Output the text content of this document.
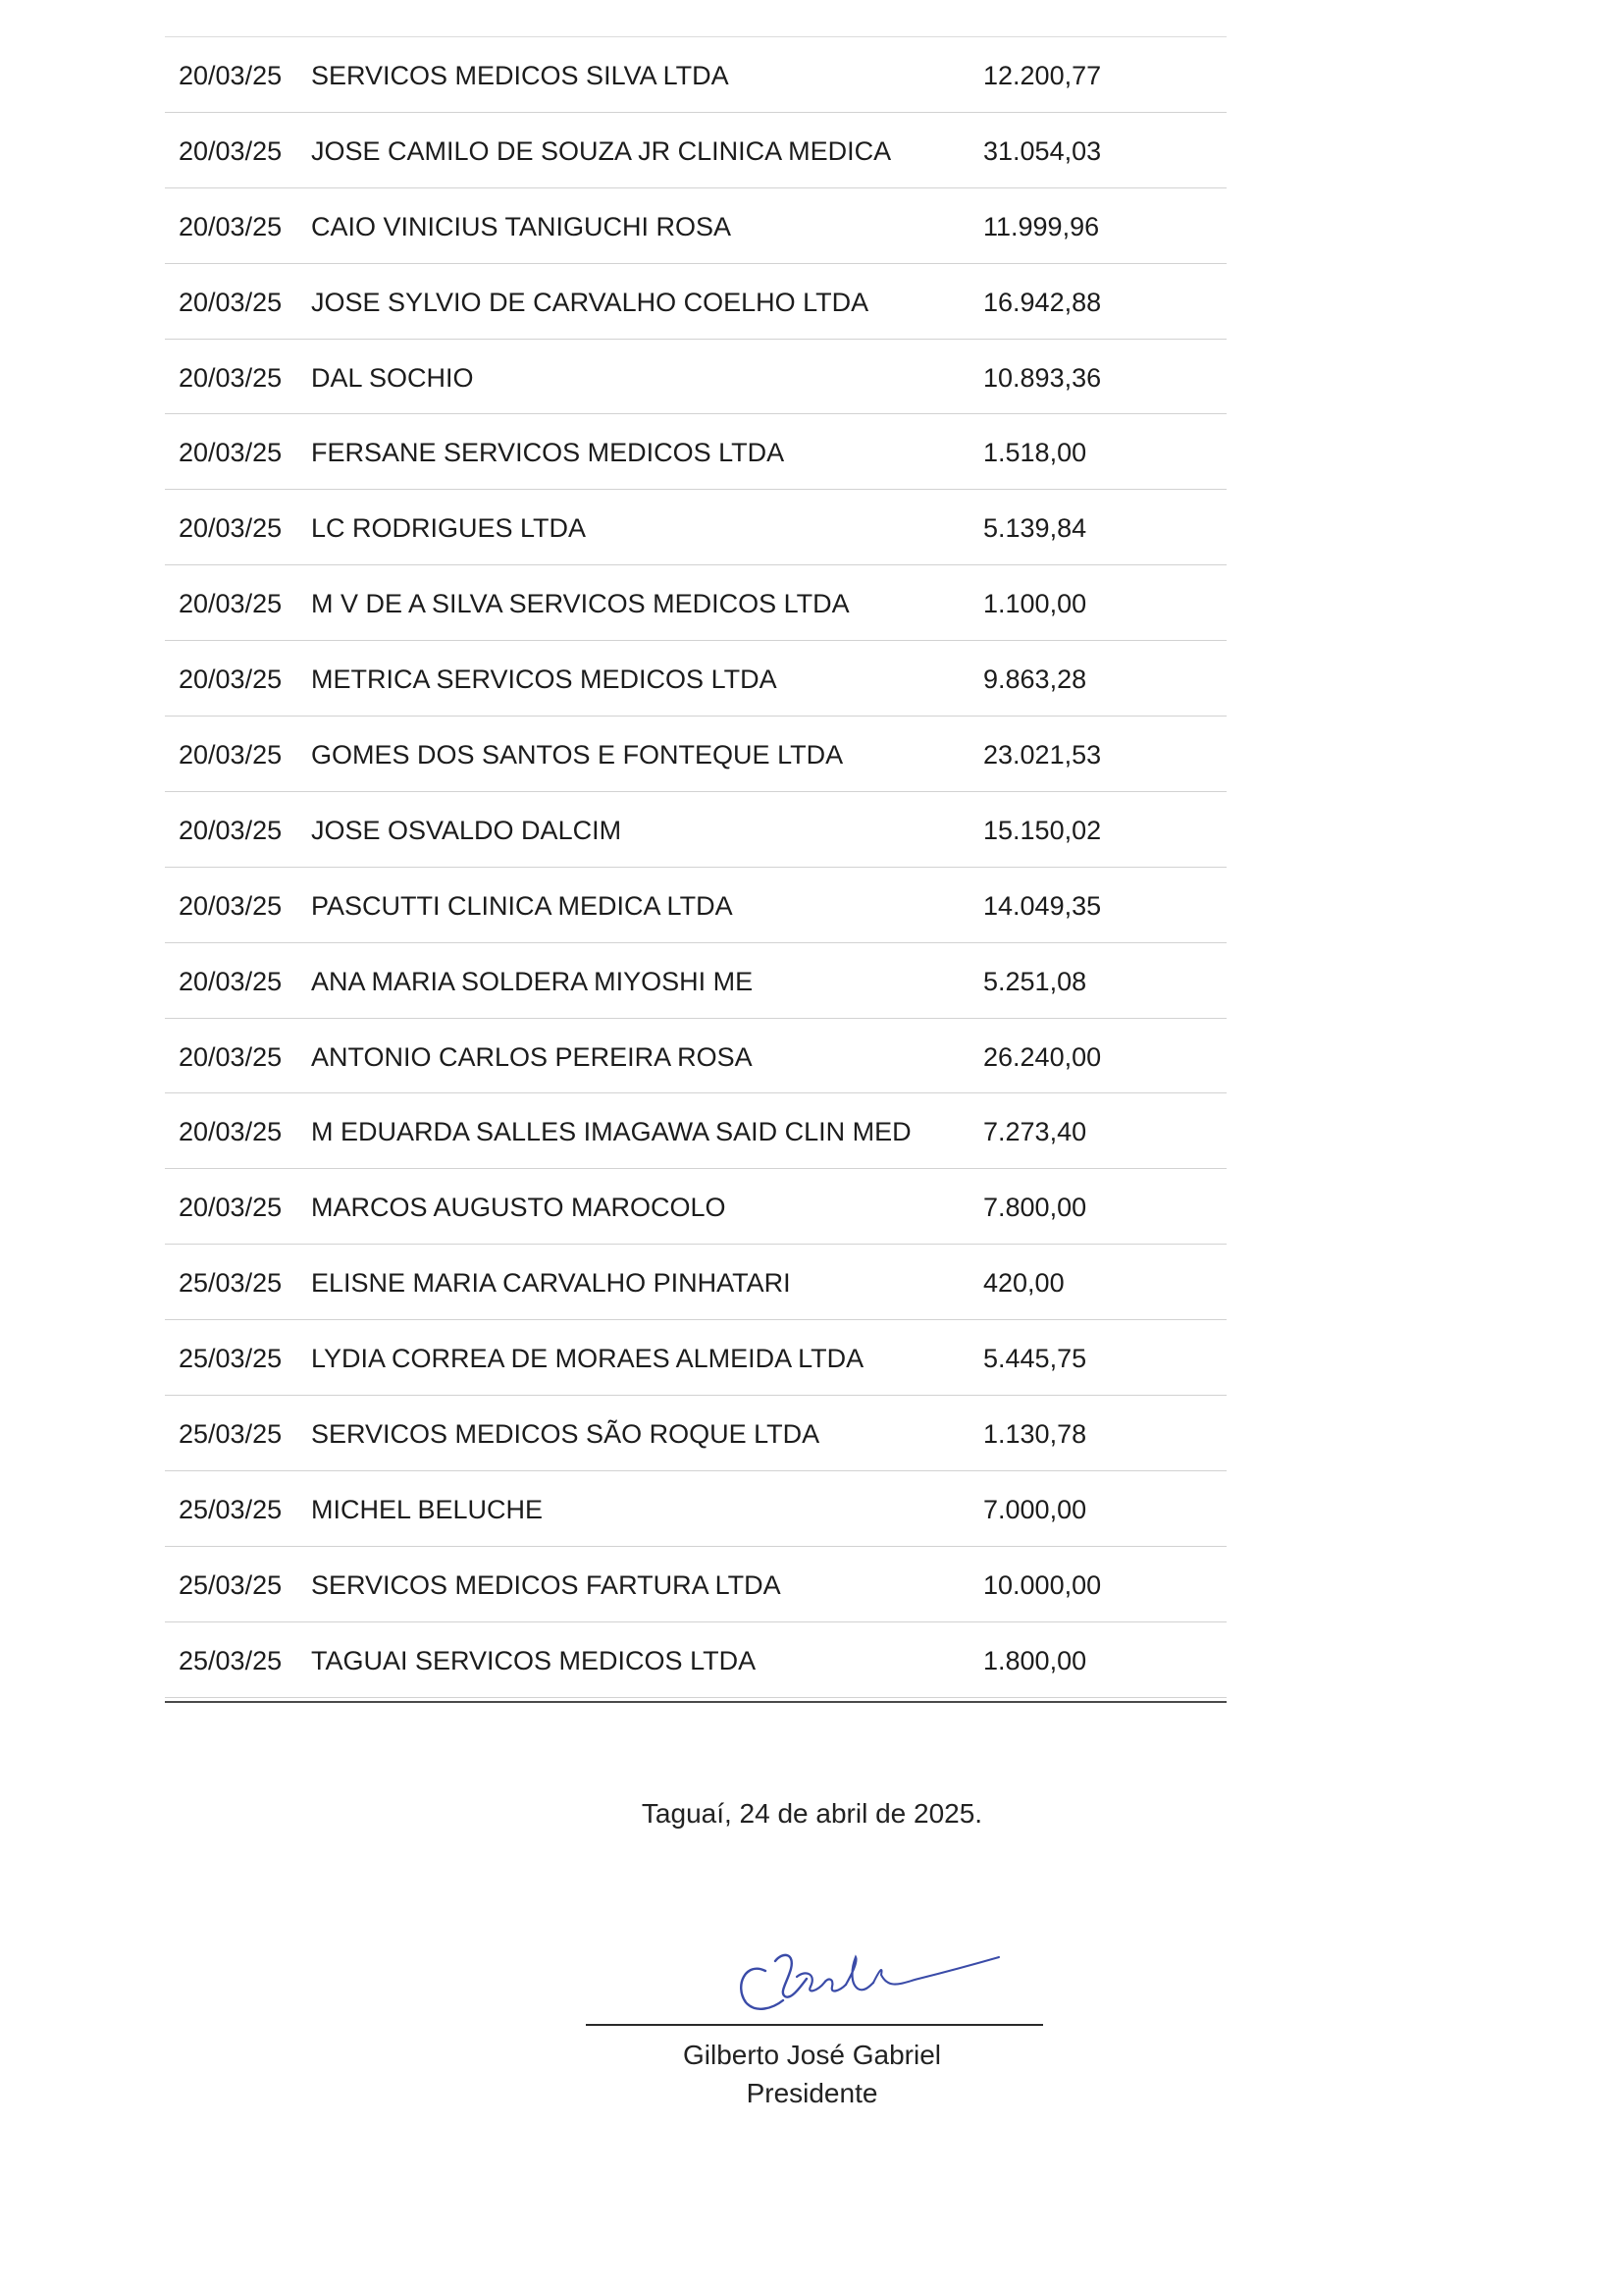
20/03/25 SERVICOS MEDICOS SILVA LTDA	12.200,77
20/03/25 JOSE CAMILO DE SOUZA JR CLINICA MEDICA	31.054,03
20/03/25 CAIO VINICIUS TANIGUCHI ROSA	11.999,96
20/03/25 JOSE SYLVIO DE CARVALHO COELHO LTDA	16.942,88
20/03/25 DAL SOCHIO	10.893,36
20/03/25 FERSANE SERVICOS MEDICOS LTDA	1.518,00
20/03/25 LC RODRIGUES LTDA	5.139,84
20/03/25 M V DE A SILVA SERVICOS MEDICOS LTDA	1.100,00
20/03/25 METRICA SERVICOS MEDICOS LTDA	9.863,28
20/03/25 GOMES DOS SANTOS E FONTEQUE LTDA	23.021,53
20/03/25 JOSE OSVALDO DALCIM	15.150,02
20/03/25 PASCUTTI CLINICA MEDICA LTDA	14.049,35
20/03/25 ANA MARIA SOLDERA MIYOSHI ME	5.251,08
20/03/25 ANTONIO CARLOS PEREIRA ROSA	26.240,00
20/03/25 M EDUARDA SALLES IMAGAWA SAID CLIN MED	7.273,40
20/03/25 MARCOS AUGUSTO MAROCOLO	7.800,00
25/03/25 ELISNE MARIA CARVALHO PINHATARI	420,00
25/03/25 LYDIA CORREA DE MORAES ALMEIDA LTDA	5.445,75
25/03/25 SERVICOS MEDICOS SÃO ROQUE LTDA	1.130,78
25/03/25 MICHEL BELUCHE	7.000,00
25/03/25 SERVICOS MEDICOS FARTURA LTDA	10.000,00
25/03/25 TAGUAI SERVICOS MEDICOS LTDA	1.800,00
Taguaí, 24 de abril de 2025.
Gilberto José Gabriel
Presidente
